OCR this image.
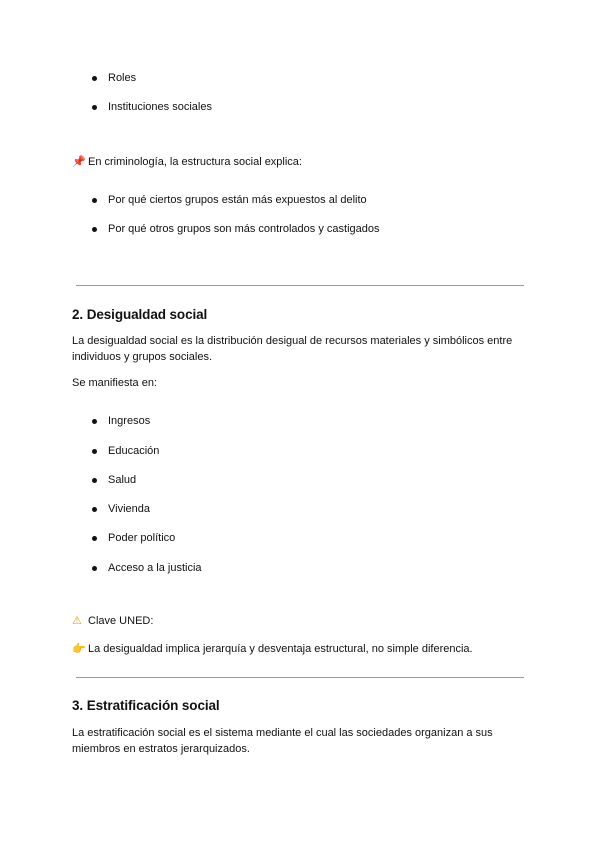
Roles
Instituciones sociales

📌 En criminología, la estructura social explica:

Por qué ciertos grupos están más expuestos al delito
Por qué otros grupos son más controlados y castigados
2. Desigualdad social

La desigualdad social es la distribución desigual de recursos materiales y simbólicos entre individuos y grupos sociales.

Se manifiesta en:

Ingresos
Educación
Salud
Vivienda
Poder político
Acceso a la justicia

⚠ Clave UNED:

👉 La desigualdad implica jerarquía y desventaja estructural, no simple diferencia.

3. Estratificación social

La estratificación social es el sistema mediante el cual las sociedades organizan a sus miembros en estratos jerarquizados.
